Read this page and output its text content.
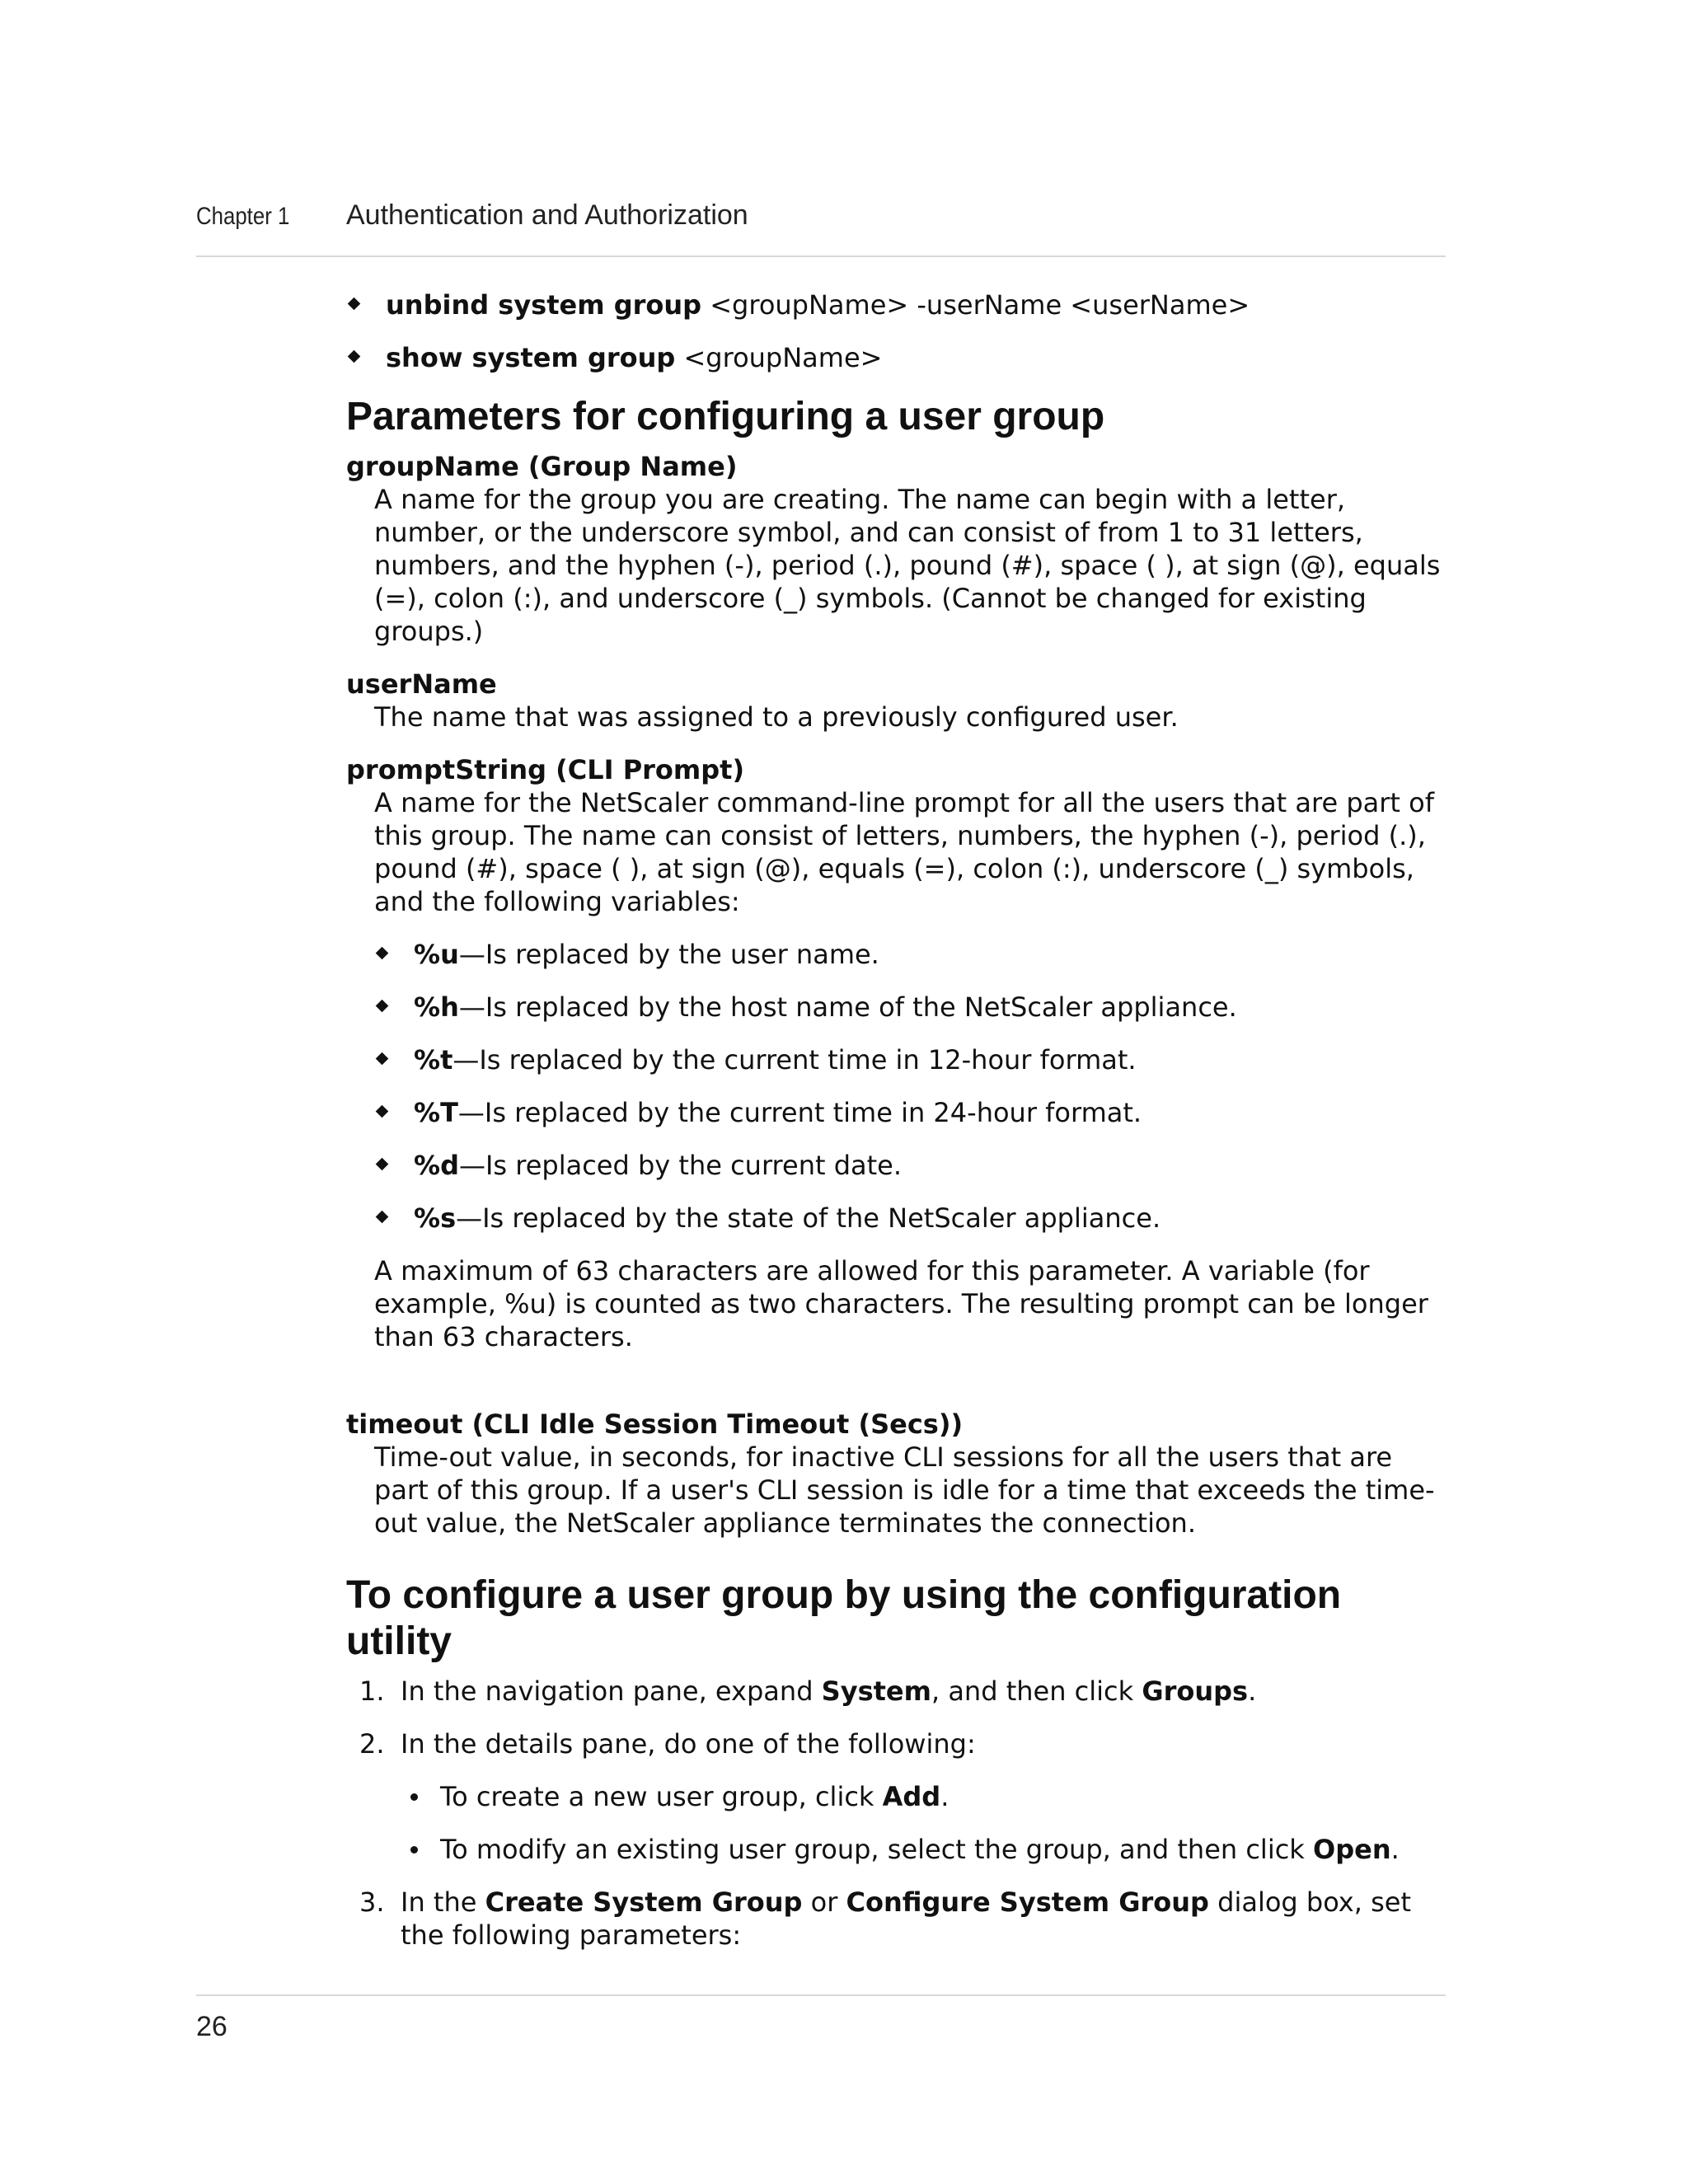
Chapter 1 Authentication and Authorization
unbind system group <groupName> -userName <userName>
show system group <groupName>
Parameters for configuring a user group
groupName (Group Name)
A name for the group you are creating. The name can begin with a letter, number, or the underscore symbol, and can consist of from 1 to 31 letters, numbers, and the hyphen (-), period (.), pound (#), space ( ), at sign (@), equals (=), colon (:), and underscore (_) symbols. (Cannot be changed for existing groups.)
userName
The name that was assigned to a previously configured user.
promptString (CLI Prompt)
A name for the NetScaler command-line prompt for all the users that are part of this group. The name can consist of letters, numbers, the hyphen (-), period (.), pound (#), space ( ), at sign (@), equals (=), colon (:), underscore (_) symbols, and the following variables:
%u—Is replaced by the user name.
%h—Is replaced by the host name of the NetScaler appliance.
%t—Is replaced by the current time in 12-hour format.
%T—Is replaced by the current time in 24-hour format.
%d—Is replaced by the current date.
%s—Is replaced by the state of the NetScaler appliance.
A maximum of 63 characters are allowed for this parameter. A variable (for example, %u) is counted as two characters. The resulting prompt can be longer than 63 characters.
timeout (CLI Idle Session Timeout (Secs))
Time-out value, in seconds, for inactive CLI sessions for all the users that are part of this group. If a user's CLI session is idle for a time that exceeds the time-out value, the NetScaler appliance terminates the connection.
To configure a user group by using the configuration utility
1. In the navigation pane, expand System, and then click Groups.
2. In the details pane, do one of the following:
To create a new user group, click Add.
To modify an existing user group, select the group, and then click Open.
3. In the Create System Group or Configure System Group dialog box, set the following parameters:
26
